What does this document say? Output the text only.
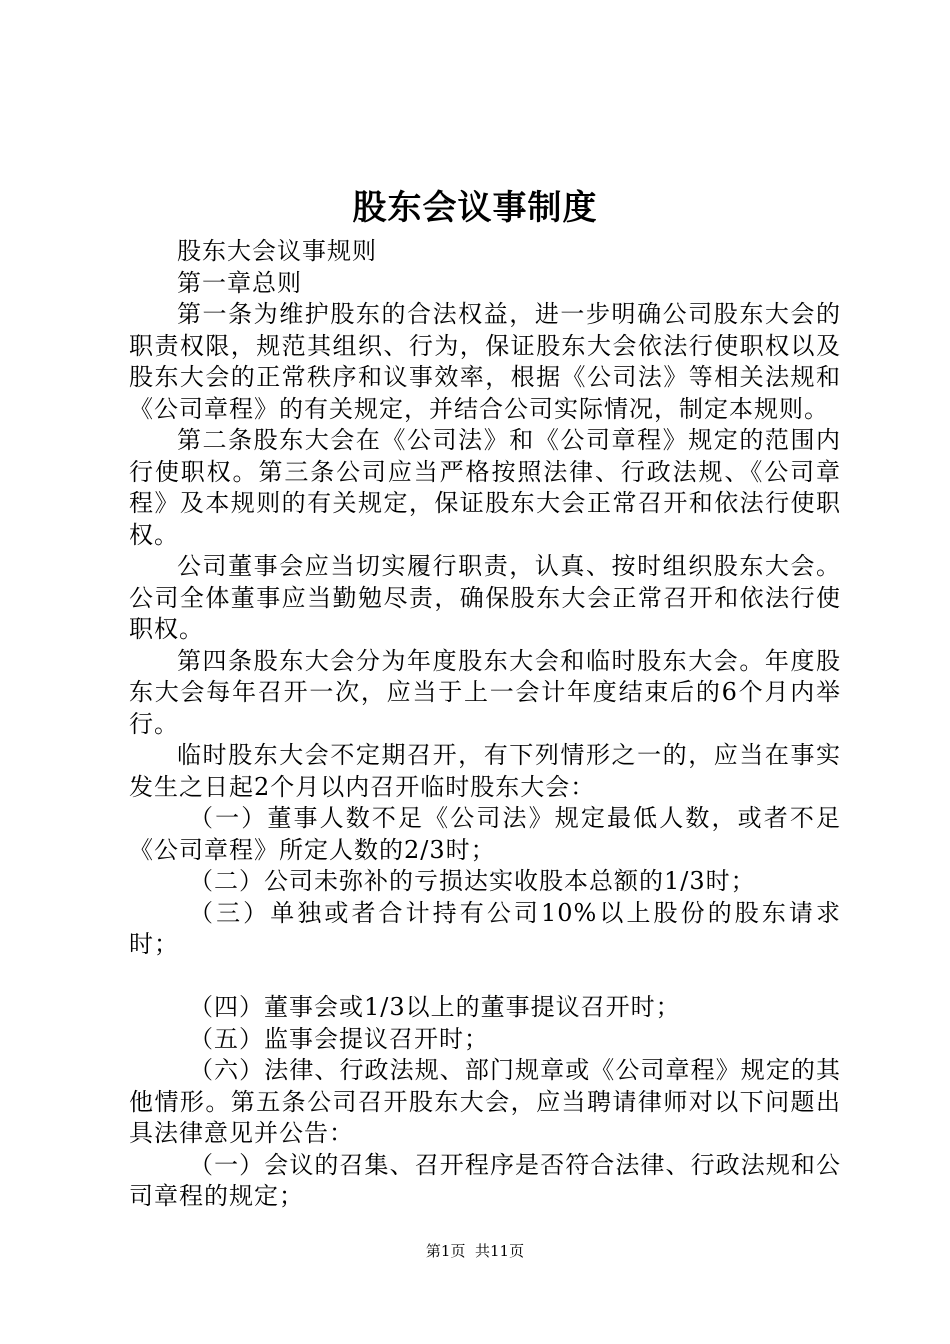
股东会议事制度

股东大会议事规则

第一章总则

第一条为维护股东的合法权益，进一步明确公司股东大会的职责权限，规范其组织、行为，保证股东大会依法行使职权以及股东大会的正常秩序和议事效率，根据《公司法》等相关法规和《公司章程》的有关规定，并结合公司实际情况，制定本规则。

第二条股东大会在《公司法》和《公司章程》规定的范围内行使职权。第三条公司应当严格按照法律、行政法规、《公司章程》及本规则的有关规定，保证股东大会正常召开和依法行使职权。

公司董事会应当切实履行职责，认真、按时组织股东大会。公司全体董事应当勤勉尽责，确保股东大会正常召开和依法行使职权。

第四条股东大会分为年度股东大会和临时股东大会。年度股东大会每年召开一次，应当于上一会计年度结束后的6个月内举行。

临时股东大会不定期召开，有下列情形之一的，应当在事实发生之日起2个月以内召开临时股东大会：

（一）董事人数不足《公司法》规定最低人数，或者不足《公司章程》所定人数的2/3时；

（二）公司未弥补的亏损达实收股本总额的1/3时；

（三）单独或者合计持有公司10%以上股份的股东请求时；

（四）董事会或1/3以上的董事提议召开时；

（五）监事会提议召开时；

（六）法律、行政法规、部门规章或《公司章程》规定的其他情形。第五条公司召开股东大会，应当聘请律师对以下问题出具法律意见并公告：

（一）会议的召集、召开程序是否符合法律、行政法规和公司章程的规定；

第1页  共11页
